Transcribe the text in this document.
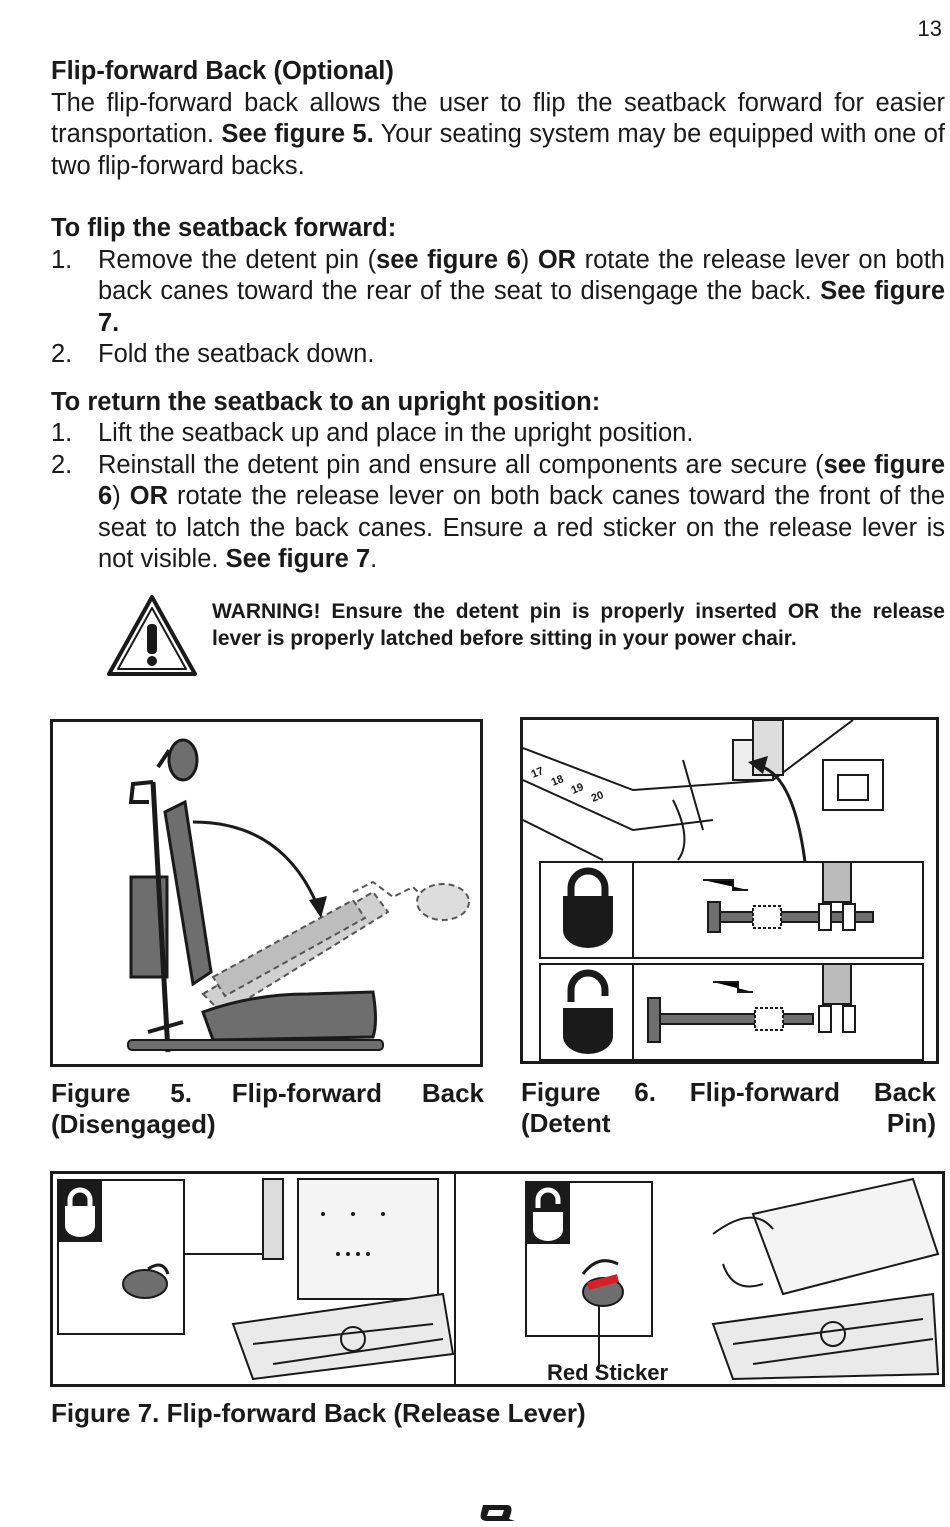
13

Flip-forward Back (Optional)

The flip-forward back allows the user to flip the seatback forward for easier transportation. See figure 5. Your seating system may be equipped with one of two flip-forward backs.

To flip the seatback forward:

1. Remove the detent pin (see figure 6) OR rotate the release lever on both back canes toward the rear of the seat to disengage the back. See figure 7.
2. Fold the seatback down.

To return the seatback to an upright position:

1. Lift the seatback up and place in the upright position.
2. Reinstall the detent pin and ensure all components are secure (see figure 6) OR rotate the release lever on both back canes toward the front of the seat to latch the back canes. Ensure a red sticker on the release lever is not visible. See figure 7.
WARNING! Ensure the detent pin is properly inserted OR the release lever is properly latched before sitting in your power chair.
Figure 5. Flip-forward Back (Disengaged)
17
18
19
20
Figure 6. Flip-forward Back (Detent Pin)
Red Sticker
Figure 7. Flip-forward Back (Release Lever)
